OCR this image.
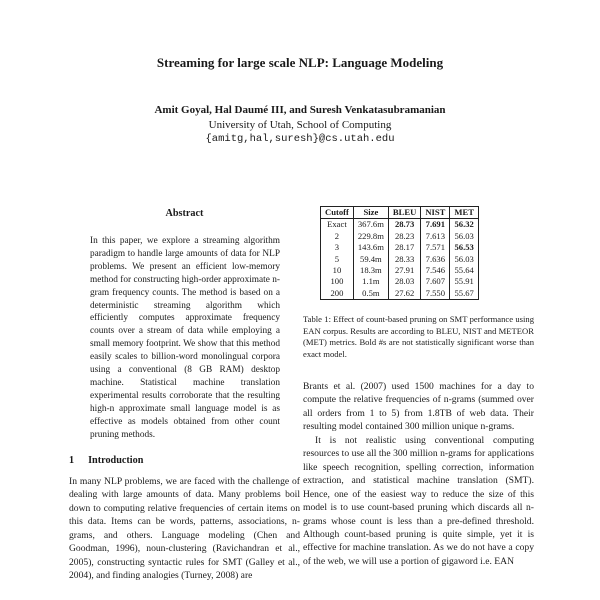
Streaming for large scale NLP: Language Modeling
Amit Goyal, Hal Daumé III, and Suresh Venkatasubramanian
University of Utah, School of Computing
{amitg,hal,suresh}@cs.utah.edu
Abstract
In this paper, we explore a streaming algorithm paradigm to handle large amounts of data for NLP problems. We present an efficient low-memory method for constructing high-order approximate n-gram frequency counts. The method is based on a deterministic streaming algorithm which efficiently computes approximate frequency counts over a stream of data while employing a small memory footprint. We show that this method easily scales to billion-word monolingual corpora using a conventional (8 GB RAM) desktop machine. Statistical machine translation experimental results corroborate that the resulting high-n approximate small language model is as effective as models obtained from other count pruning methods.
1 Introduction
In many NLP problems, we are faced with the challenge of dealing with large amounts of data. Many problems boil down to computing relative frequencies of certain items on this data. Items can be words, patterns, associations, n-grams, and others. Language modeling (Chen and Goodman, 1996), noun-clustering (Ravichandran et al., 2005), constructing syntactic rules for SMT (Galley et al., 2004), and finding analogies (Turney, 2008) are
Cutoff	Size	BLEU	NIST	MET
Exact	367.6m	28.73	7.691	56.32
2	229.8m	28.23	7.613	56.03
3	143.6m	28.17	7.571	56.53
5	59.4m	28.33	7.636	56.03
10	18.3m	27.91	7.546	55.64
100	1.1m	28.03	7.607	55.91
200	0.5m	27.62	7.550	55.67
Table 1: Effect of count-based pruning on SMT performance using EAN corpus. Results are according to BLEU, NIST and METEOR (MET) metrics. Bold #s are not statistically significant worse than exact model.

Brants et al. (2007) used 1500 machines for a day to compute the relative frequencies of n-grams (summed over all orders from 1 to 5) from 1.8TB of web data. Their resulting model contained 300 million unique n-grams.

It is not realistic using conventional computing resources to use all the 300 million n-grams for applications like speech recognition, spelling correction, information extraction, and statistical machine translation (SMT). Hence, one of the easiest way to reduce the size of this model is to use count-based pruning which discards all n-grams whose count is less than a pre-defined threshold. Although count-based pruning is quite simple, yet it is effective for machine translation. As we do not have a copy of the web, we will use a portion of gigaword i.e. EAN
